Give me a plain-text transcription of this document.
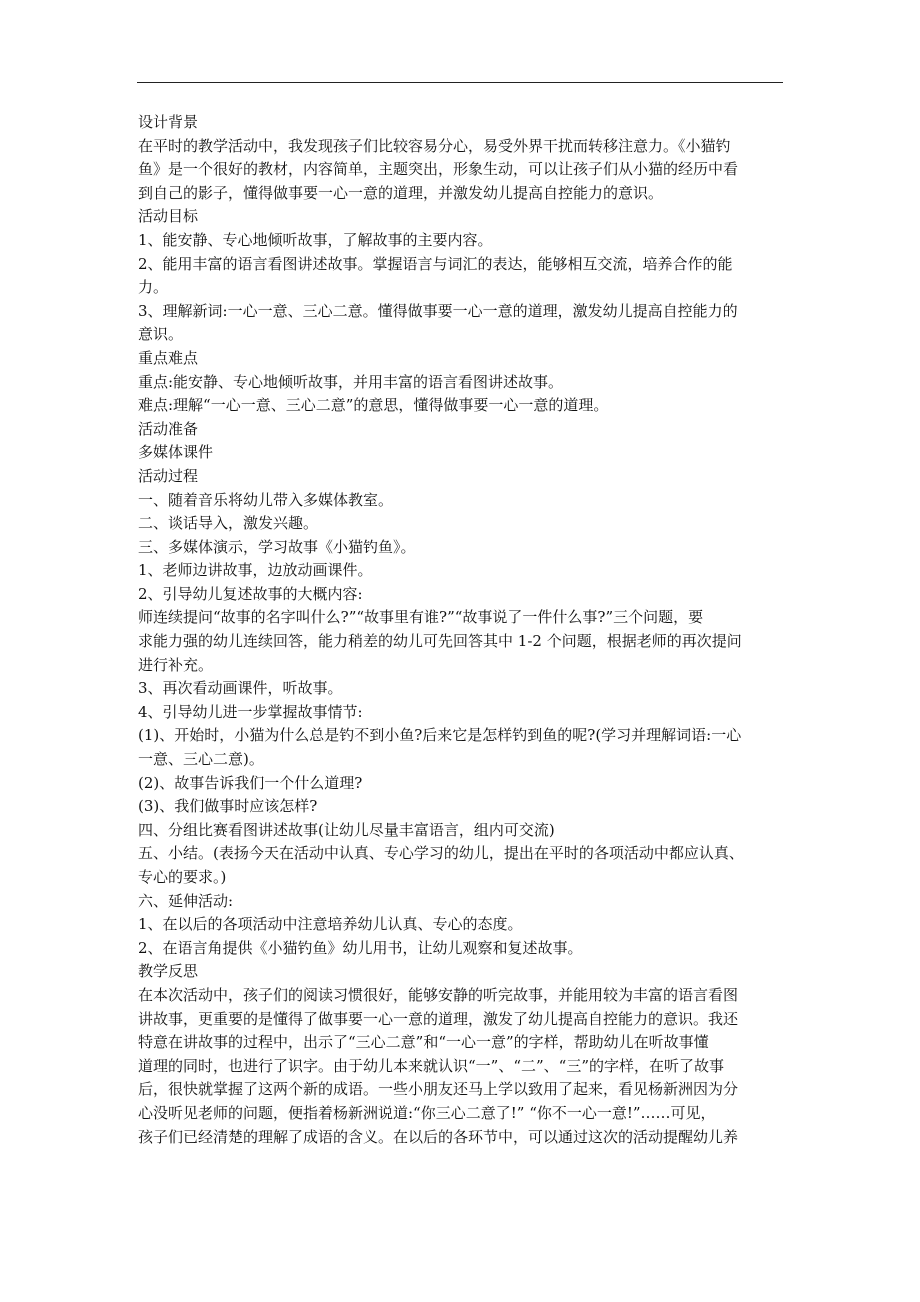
设计背景
在平时的教学活动中，我发现孩子们比较容易分心，易受外界干扰而转移注意力。《小猫钓
鱼》是一个很好的教材，内容简单，主题突出，形象生动，可以让孩子们从小猫的经历中看
到自己的影子，懂得做事要一心一意的道理，并激发幼儿提高自控能力的意识。
活动目标
1、能安静、专心地倾听故事，了解故事的主要内容。
2、能用丰富的语言看图讲述故事。掌握语言与词汇的表达，能够相互交流，培养合作的能
力。
3、理解新词:一心一意、三心二意。懂得做事要一心一意的道理，激发幼儿提高自控能力的
意识。
重点难点
重点:能安静、专心地倾听故事，并用丰富的语言看图讲述故事。
难点:理解“一心一意、三心二意”的意思，懂得做事要一心一意的道理。
活动准备
多媒体课件
活动过程
一、随着音乐将幼儿带入多媒体教室。
二、谈话导入，激发兴趣。
三、多媒体演示，学习故事《小猫钓鱼》。
1、老师边讲故事，边放动画课件。
2、引导幼儿复述故事的大概内容:
师连续提问“故事的名字叫什么?”“故事里有谁?”“故事说了一件什么事?”三个问题，要
求能力强的幼儿连续回答，能力稍差的幼儿可先回答其中 1-2 个问题，根据老师的再次提问
进行补充。
3、再次看动画课件，听故事。
4、引导幼儿进一步掌握故事情节:
(1)、开始时，小猫为什么总是钓不到小鱼?后来它是怎样钓到鱼的呢?(学习并理解词语:一心
一意、三心二意)。
(2)、故事告诉我们一个什么道理?
(3)、我们做事时应该怎样?
四、分组比赛看图讲述故事(让幼儿尽量丰富语言，组内可交流)
五、小结。(表扬今天在活动中认真、专心学习的幼儿，提出在平时的各项活动中都应认真、
专心的要求。)
六、延伸活动:
1、在以后的各项活动中注意培养幼儿认真、专心的态度。
2、在语言角提供《小猫钓鱼》幼儿用书，让幼儿观察和复述故事。
教学反思
在本次活动中，孩子们的阅读习惯很好，能够安静的听完故事，并能用较为丰富的语言看图
讲故事，更重要的是懂得了做事要一心一意的道理，激发了幼儿提高自控能力的意识。我还
特意在讲故事的过程中，出示了“三心二意”和“一心一意”的字样，帮助幼儿在听故事懂
道理的同时，也进行了识字。由于幼儿本来就认识“一”、“二”、“三”的字样，在听了故事
后，很快就掌握了这两个新的成语。一些小朋友还马上学以致用了起来，看见杨新洲因为分
心没听见老师的问题，便指着杨新洲说道:“你三心二意了!” “你不一心一意!”……可见，
孩子们已经清楚的理解了成语的含义。在以后的各环节中，可以通过这次的活动提醒幼儿养
